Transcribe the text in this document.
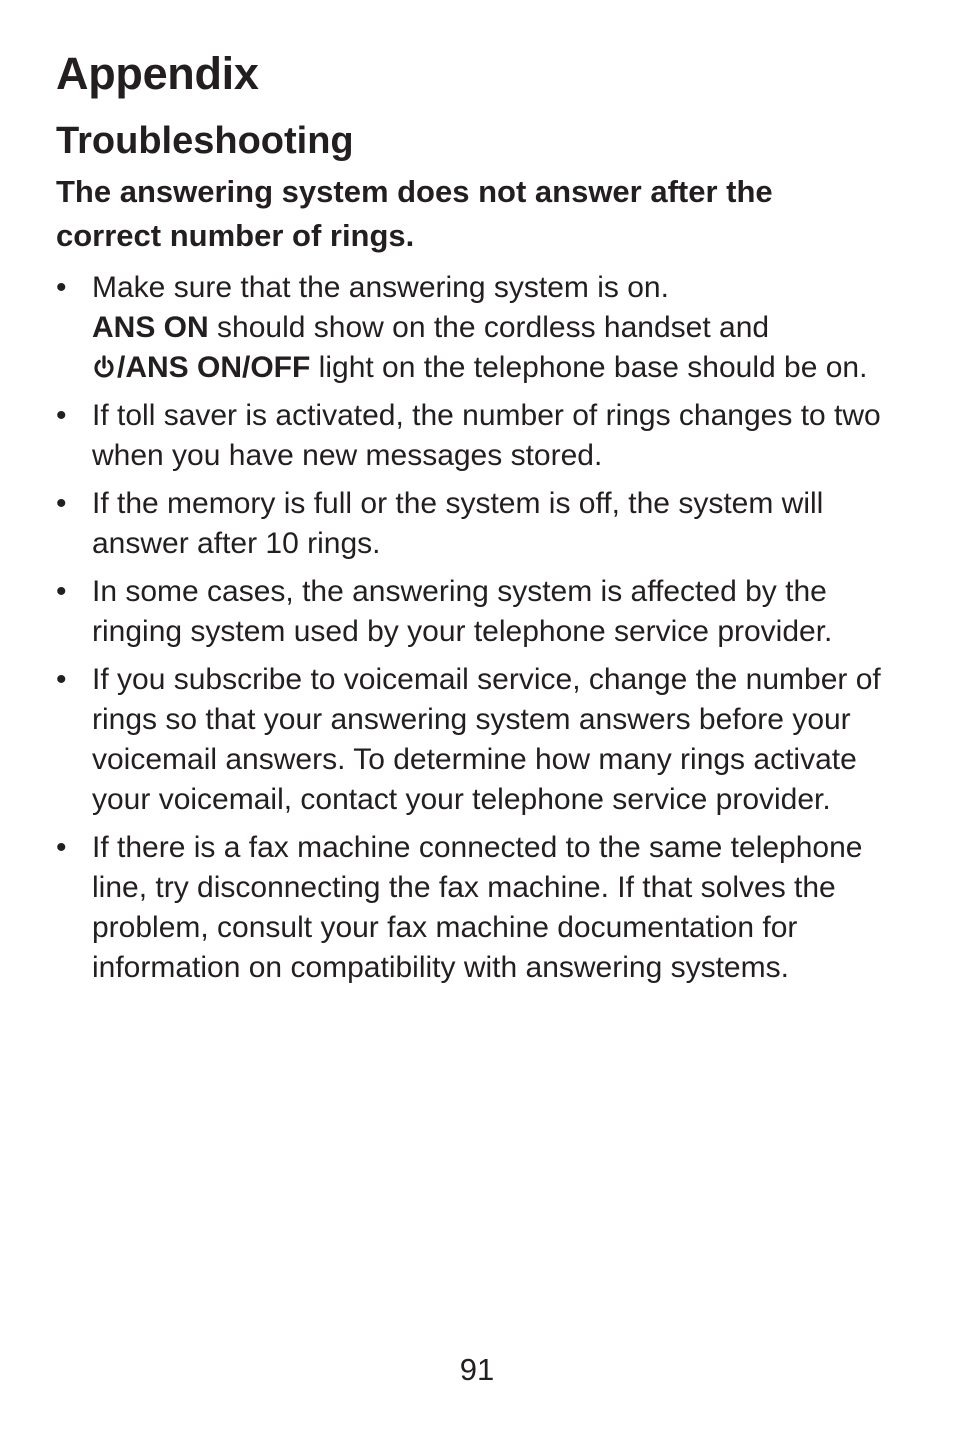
Appendix
Troubleshooting
The answering system does not answer after the correct number of rings.
• Make sure that the answering system is on.
ANS ON should show on the cordless handset and
/ANS ON/OFF light on the telephone base should be on.
• If toll saver is activated, the number of rings changes to two when you have new messages stored.
• If the memory is full or the system is off, the system will answer after 10 rings.
• In some cases, the answering system is affected by the ringing system used by your telephone service provider.
• If you subscribe to voicemail service, change the number of rings so that your answering system answers before your voicemail answers. To determine how many rings activate your voicemail, contact your telephone service provider.
• If there is a fax machine connected to the same telephone line, try disconnecting the fax machine. If that solves the problem, consult your fax machine documentation for information on compatibility with answering systems.
91
